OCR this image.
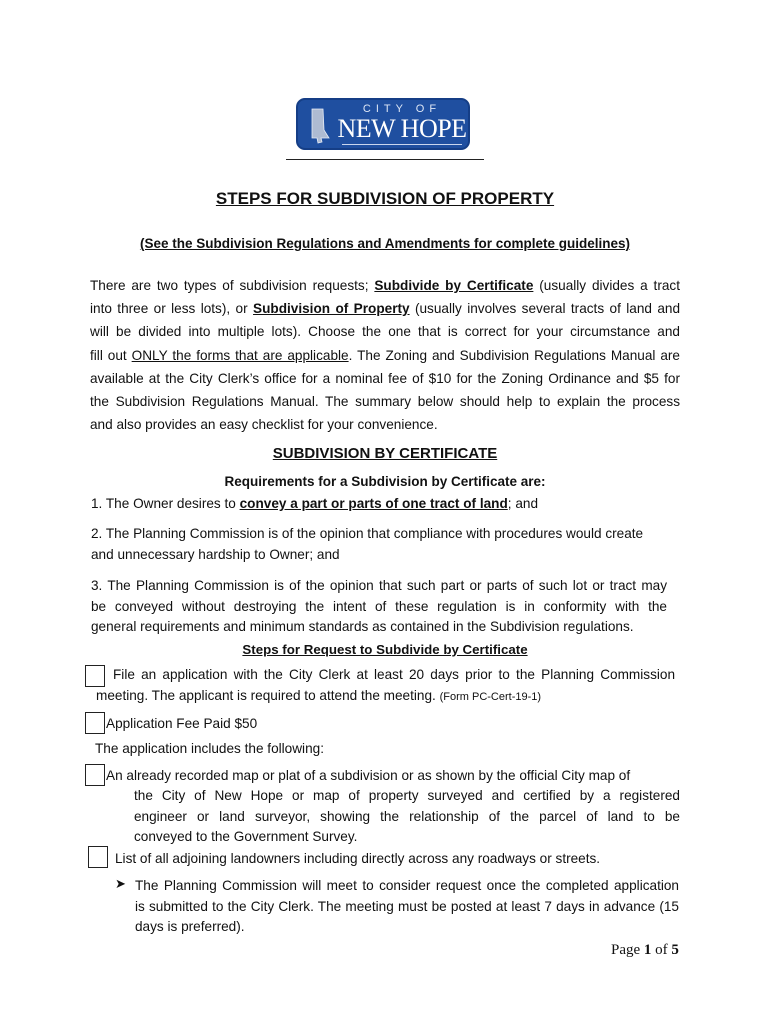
CITY OF
NEW HOPE
STEPS FOR SUBDIVISION OF PROPERTY
(See the Subdivision Regulations and Amendments for complete guidelines)
There are two types of subdivision requests; Subdivide by Certificate (usually divides a tract
into three or less lots), or Subdivision of Property (usually involves several tracts of land and
will be divided into multiple lots). Choose the one that is correct for your circumstance and
fill out ONLY the forms that are applicable. The Zoning and Subdivision Regulations Manual are
available at the City Clerk’s office for a nominal fee of $10 for the Zoning Ordinance and $5 for
the Subdivision Regulations Manual. The summary below should help to explain the process
and also provides an easy checklist for your convenience.
SUBDIVISION BY CERTIFICATE
Requirements for a Subdivision by Certificate are:
1. The Owner desires to convey a part or parts of one tract of land; and
2. The Planning Commission is of the opinion that compliance with procedures would create
and unnecessary hardship to Owner; and
3. The Planning Commission is of the opinion that such part or parts of such lot or tract may
be conveyed without destroying the intent of these regulation is in conformity with the
general requirements and minimum standards as contained in the Subdivision regulations.
Steps for Request to Subdivide by Certificate
File an application with the City Clerk at least 20 days prior to the Planning Commission
meeting. The applicant is required to attend the meeting. (Form PC-Cert-19-1)
Application Fee Paid $50
The application includes the following:
An already recorded map or plat of a subdivision or as shown by the official City map of
the City of New Hope or map of property surveyed and certified by a registered
engineer or land surveyor, showing the relationship of the parcel of land to be
conveyed to the Government Survey.
List of all adjoining landowners including directly across any roadways or streets.
➤ The Planning Commission will meet to consider request once the completed application
is submitted to the City Clerk. The meeting must be posted at least 7 days in advance (15
days is preferred).
Page 1 of 5
